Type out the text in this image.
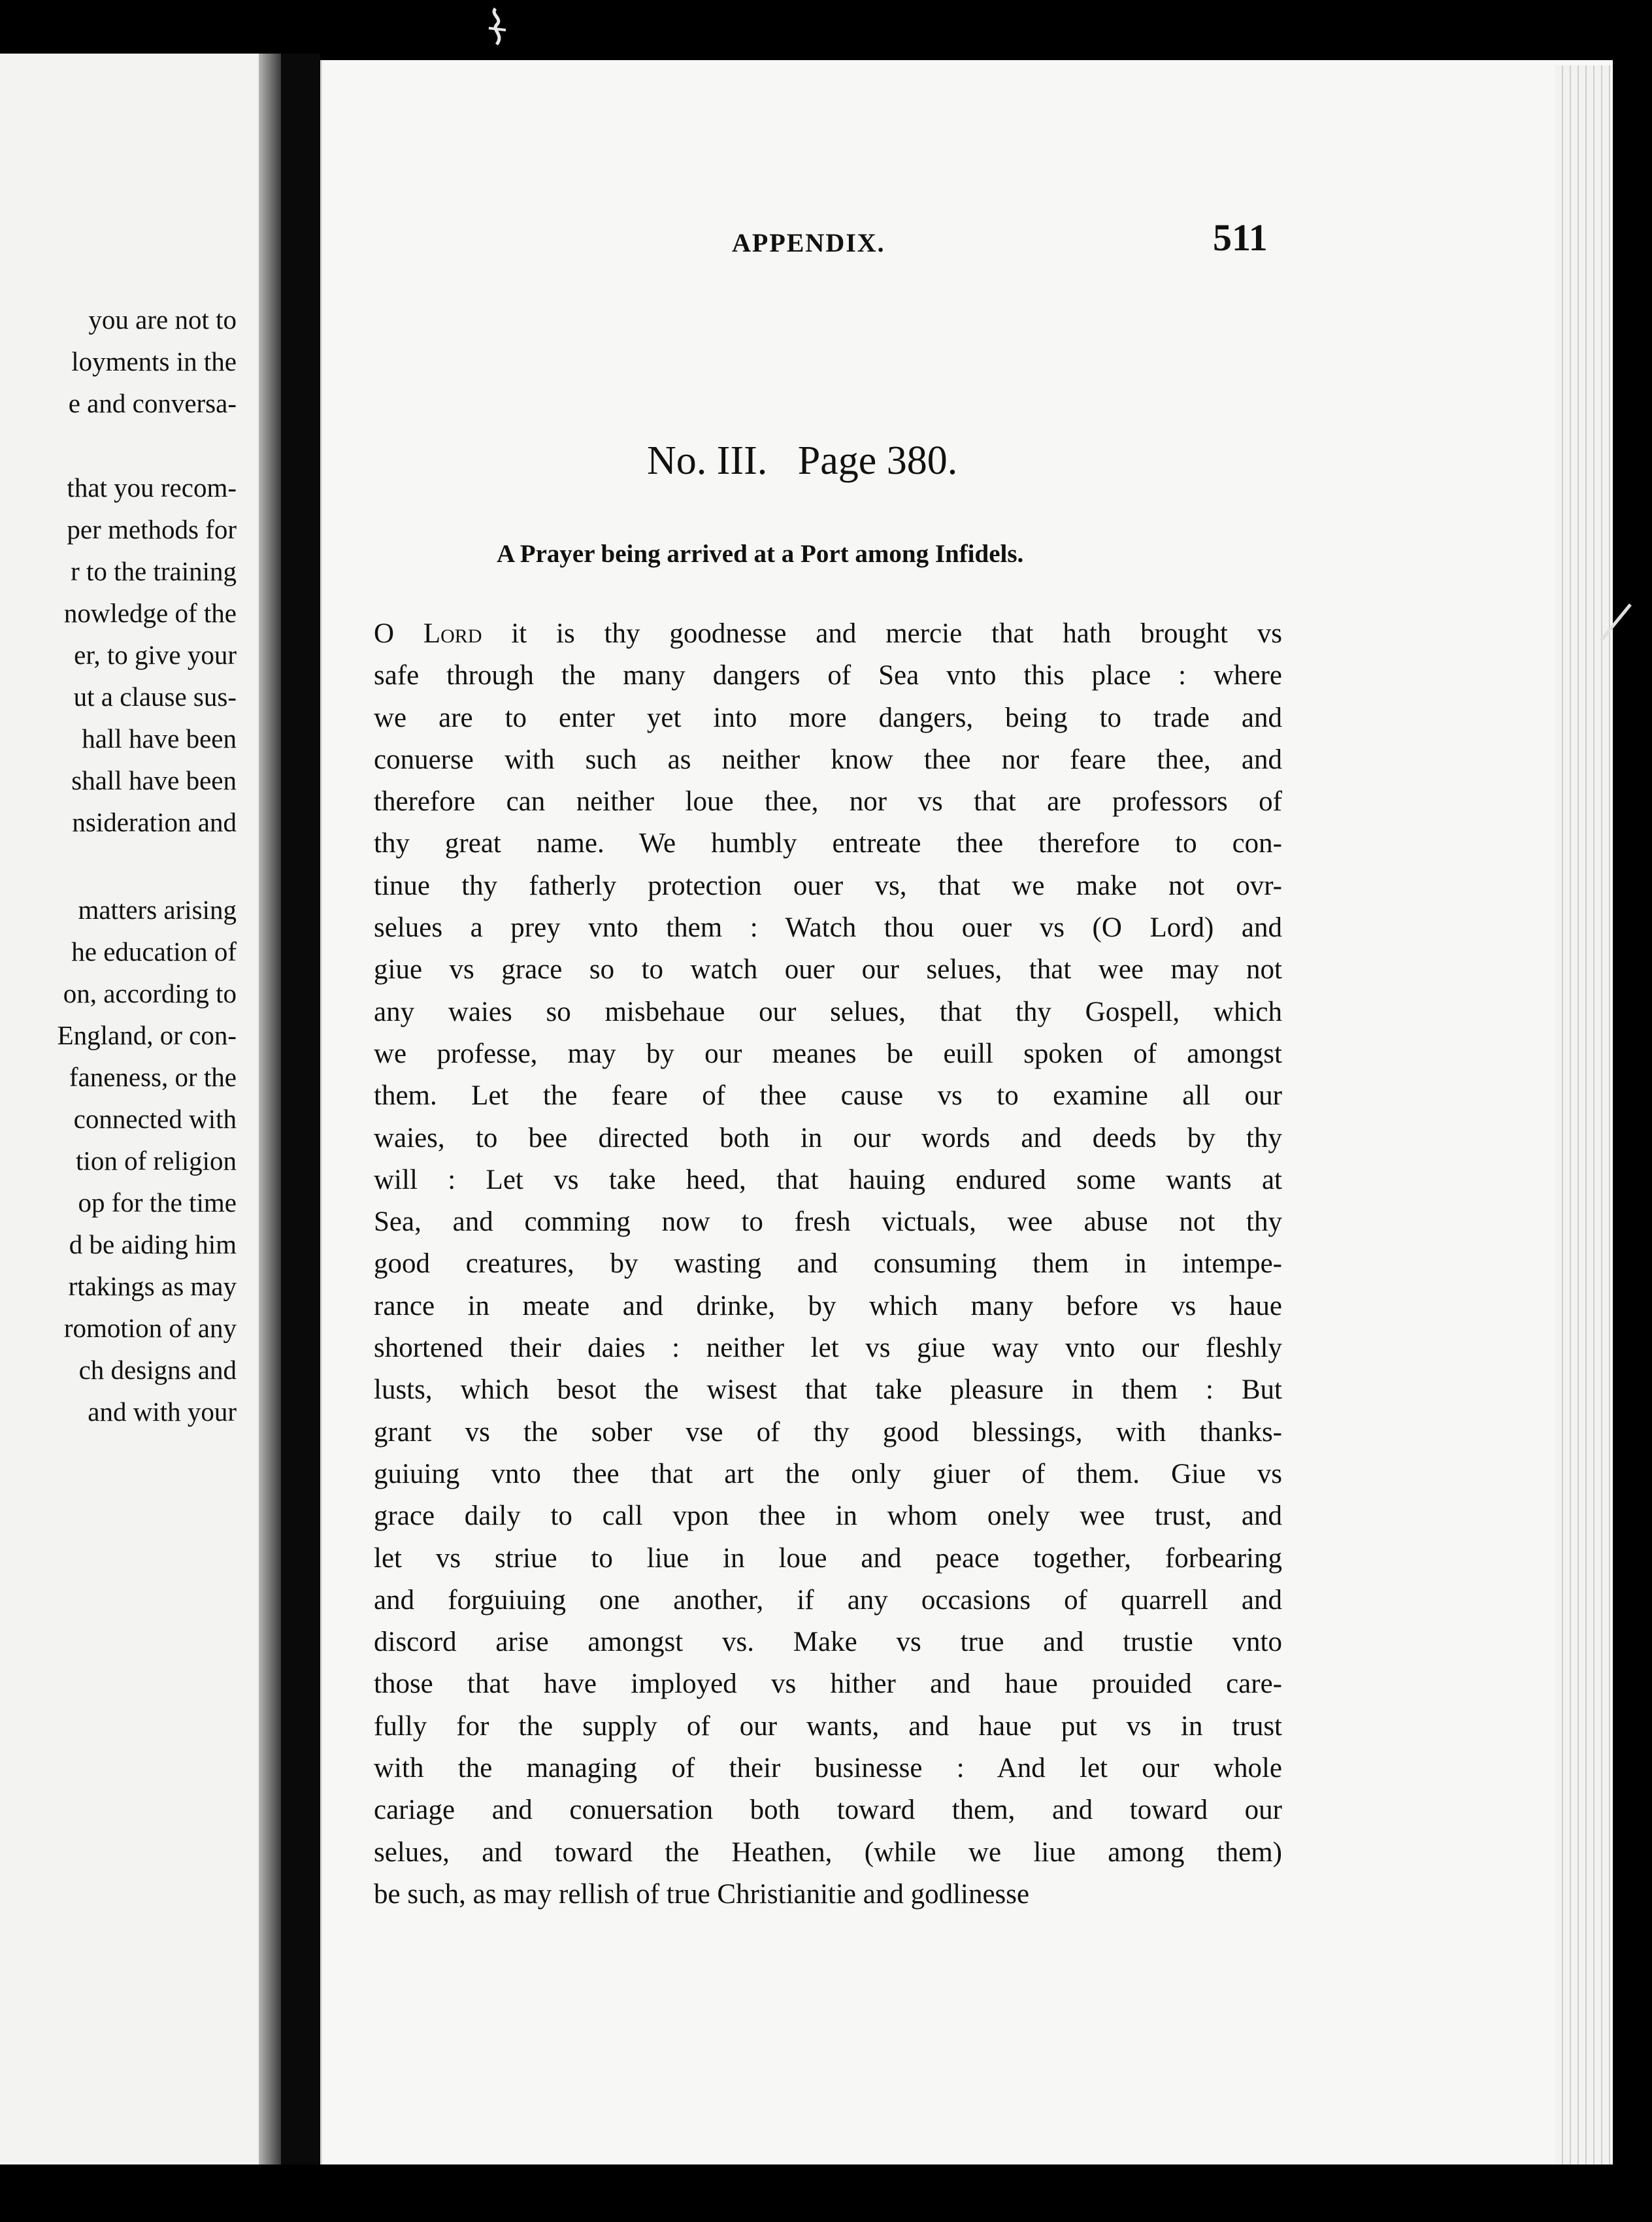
you are not to
loyments in the
e and conversa-
that you recom-
per methods for
r to the training
nowledge of the
er, to give your
ut a clause sus-
hall have been
shall have been
nsideration and
matters arising
he education of
on, according to
England, or con-
faneness, or the
connected with
tion of religion
op for the time
d be aiding him
rtakings as may
romotion of any
ch designs and
and with your
APPENDIX.	511
No. III.   Page 380.
A Prayer being arrived at a Port among Infidels.
O Lord it is thy goodnesse and mercie that hath brought vs
safe through the many dangers of Sea vnto this place : where
we are to enter yet into more dangers, being to trade and
conuerse with such as neither know thee nor feare thee, and
therefore can neither loue thee, nor vs that are professors of
thy great name. We humbly entreate thee therefore to con-
tinue thy fatherly protection ouer vs, that we make not ovr-
selues a prey vnto them : Watch thou ouer vs (O Lord) and
giue vs grace so to watch ouer our selues, that wee may not
any waies so misbehaue our selues, that thy Gospell, which
we professe, may by our meanes be euill spoken of amongst
them. Let the feare of thee cause vs to examine all our
waies, to bee directed both in our words and deeds by thy
will : Let vs take heed, that hauing endured some wants at
Sea, and comming now to fresh victuals, wee abuse not thy
good creatures, by wasting and consuming them in intempe-
rance in meate and drinke, by which many before vs haue
shortened their daies : neither let vs giue way vnto our fleshly
lusts, which besot the wisest that take pleasure in them : But
grant vs the sober vse of thy good blessings, with thanks-
guiuing vnto thee that art the only giuer of them. Giue vs
grace daily to call vpon thee in whom onely wee trust, and
let vs striue to liue in loue and peace together, forbearing
and forguiuing one another, if any occasions of quarrell and
discord arise amongst vs. Make vs true and trustie vnto
those that have imployed vs hither and haue prouided care-
fully for the supply of our wants, and haue put vs in trust
with the managing of their businesse : And let our whole
cariage and conuersation both toward them, and toward our
selues, and toward the Heathen, (while we liue among them)
be such, as may rellish of true Christianitie and godlinesse
